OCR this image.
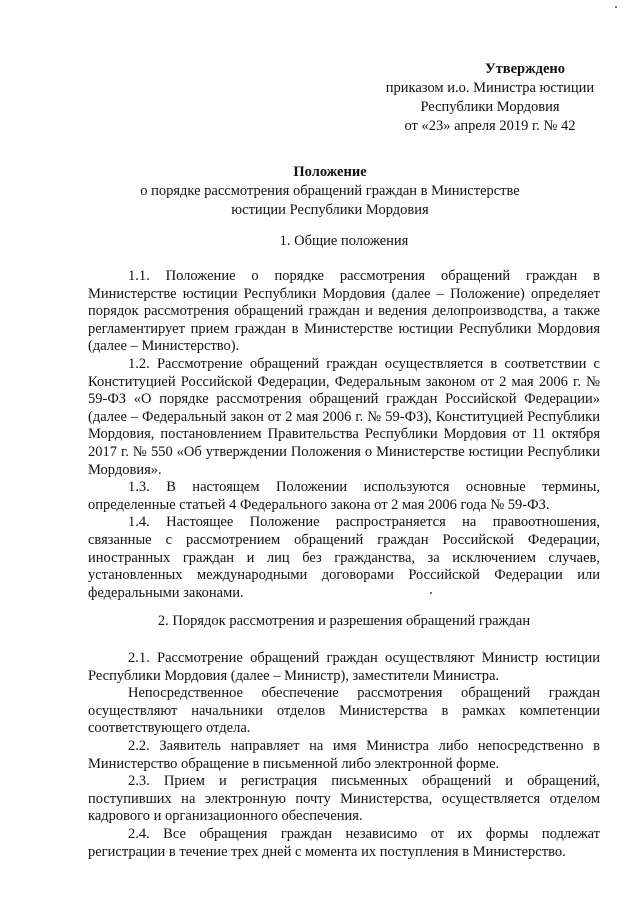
Утверждено
приказом и.о. Министра юстиции
Республики Мордовия
от «23» апреля 2019 г. № 42
Положение
о порядке рассмотрения обращений граждан в Министерстве
юстиции Республики Мордовия
1. Общие положения

1.1. Положение о порядке рассмотрения обращений граждан в Министерстве юстиции Республики Мордовия (далее – Положение) определяет порядок рассмотрения обращений граждан и ведения делопроизводства, а также регламентирует прием граждан в Министерстве юстиции Республики Мордовия (далее – Министерство).

1.2. Рассмотрение обращений граждан осуществляется в соответствии с Конституцией Российской Федерации, Федеральным законом от 2 мая 2006 г. № 59-ФЗ «О порядке рассмотрения обращений граждан Российской Федерации» (далее – Федеральный закон от 2 мая 2006 г. № 59-ФЗ), Конституцией Республики Мордовия, постановлением Правительства Республики Мордовия от 11 октября 2017 г. № 550 «Об утверждении Положения о Министерстве юстиции Республики Мордовия».

1.3. В настоящем Положении используются основные термины, определенные статьей 4 Федерального закона от 2 мая 2006 года № 59-ФЗ.

1.4. Настоящее Положение распространяется на правоотношения, связанные с рассмотрением обращений граждан Российской Федерации, иностранных граждан и лиц без гражданства, за исключением случаев, установленных международными договорами Российской Федерации или федеральными законами.

2. Порядок рассмотрения и разрешения обращений граждан

2.1. Рассмотрение обращений граждан осуществляют Министр юстиции Республики Мордовия (далее – Министр), заместители Министра.

Непосредственное обеспечение рассмотрения обращений граждан осуществляют начальники отделов Министерства в рамках компетенции соответствующего отдела.

2.2. Заявитель направляет на имя Министра либо непосредственно в Министерство обращение в письменной либо электронной форме.

2.3. Прием и регистрация письменных обращений и обращений, поступивших на электронную почту Министерства, осуществляется отделом кадрового и организационного обеспечения.

2.4. Все обращения граждан независимо от их формы подлежат регистрации в течение трех дней с момента их поступления в Министерство.
